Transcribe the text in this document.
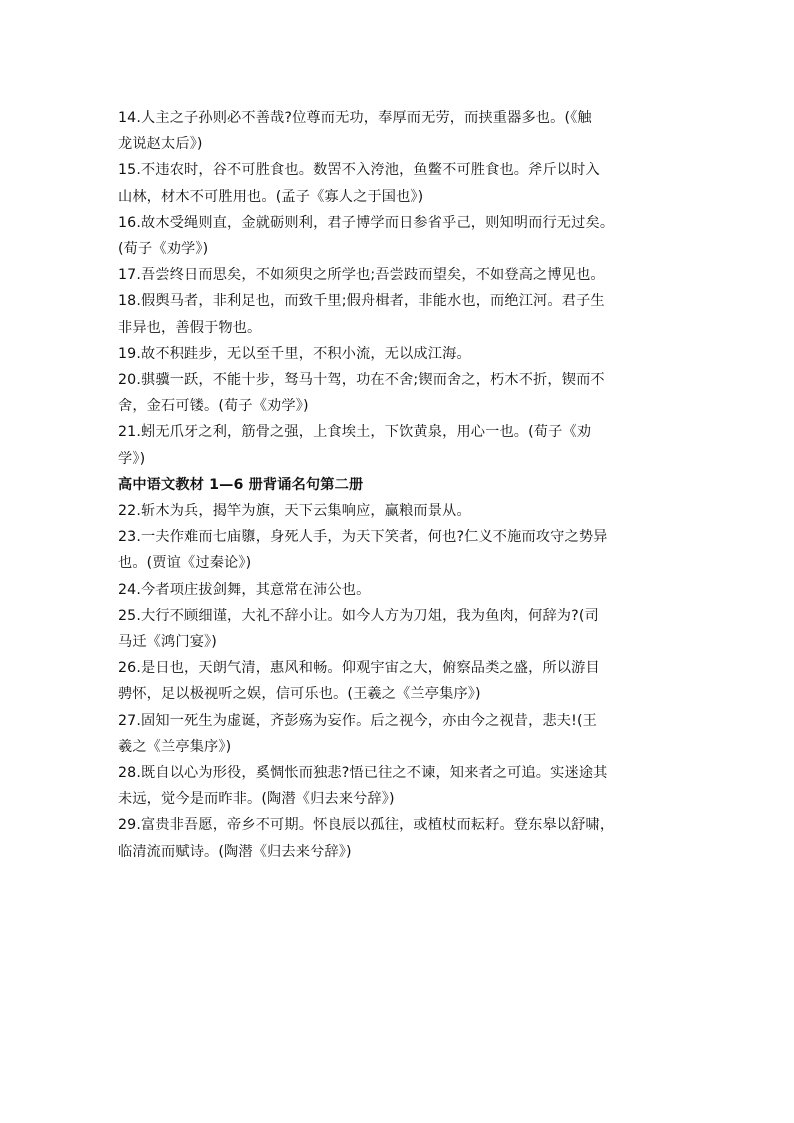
14.人主之子孙则必不善哉?位尊而无功，奉厚而无劳，而挟重器多也。(《触
龙说赵太后》)
15.不违农时，谷不可胜食也。数罟不入洿池，鱼鳖不可胜食也。斧斤以时入
山林，材木不可胜用也。(孟子《寡人之于国也》)
16.故木受绳则直，金就砺则利，君子博学而日参省乎己，则知明而行无过矣。
(荀子《劝学》)
17.吾尝终日而思矣，不如须臾之所学也;吾尝跂而望矣，不如登高之博见也。
18.假舆马者，非利足也，而致千里;假舟楫者，非能水也，而绝江河。君子生
非异也，善假于物也。
19.故不积跬步，无以至千里，不积小流，无以成江海。
20.骐骥一跃，不能十步，驽马十驾，功在不舍;锲而舍之，朽木不折，锲而不
舍，金石可镂。(荀子《劝学》)
21.蚓无爪牙之利，筋骨之强，上食埃土，下饮黄泉，用心一也。(荀子《劝
学》)
高中语文教材 1—6 册背诵名句第二册
22.斩木为兵，揭竿为旗，天下云集响应，赢粮而景从。
23.一夫作难而七庙隳，身死人手，为天下笑者，何也?仁义不施而攻守之势异
也。(贾谊《过秦论》)
24.今者项庄拔剑舞，其意常在沛公也。
25.大行不顾细谨，大礼不辞小让。如今人方为刀俎，我为鱼肉，何辞为?(司
马迁《鸿门宴》)
26.是日也，天朗气清，惠风和畅。仰观宇宙之大，俯察品类之盛，所以游目
骋怀，足以极视听之娱，信可乐也。(王羲之《兰亭集序》)
27.固知一死生为虚诞，齐彭殇为妄作。后之视今，亦由今之视昔，悲夫!(王
羲之《兰亭集序》)
28.既自以心为形役，奚惆怅而独悲?悟已往之不谏，知来者之可追。实迷途其
未远，觉今是而昨非。(陶潜《归去来兮辞》)
29.富贵非吾愿，帝乡不可期。怀良辰以孤往，或植杖而耘耔。登东皋以舒啸，
临清流而赋诗。(陶潜《归去来兮辞》)
